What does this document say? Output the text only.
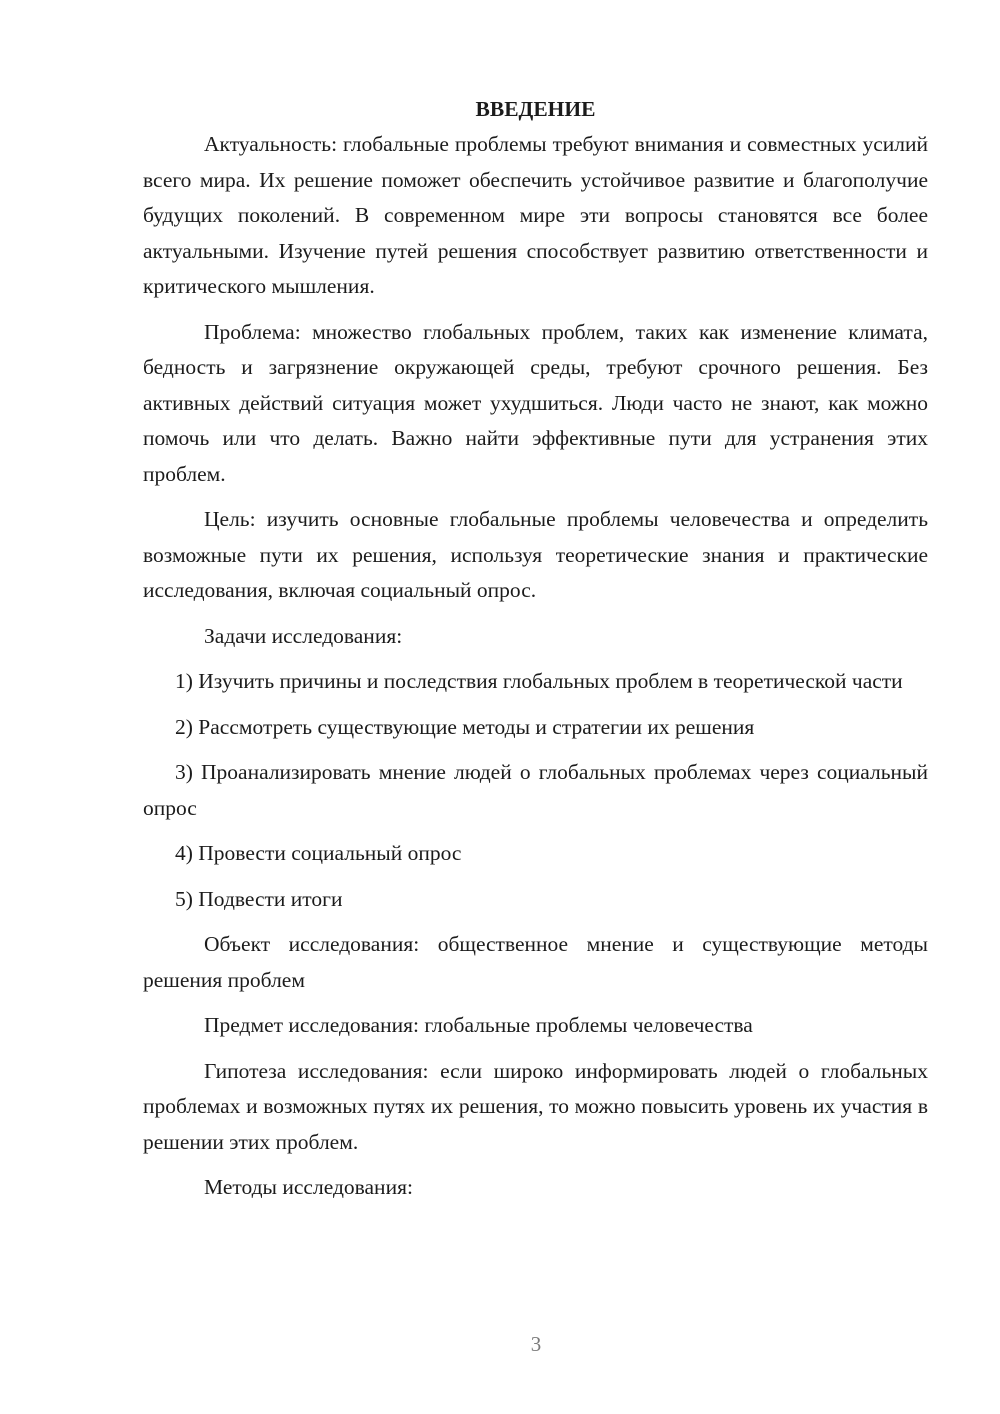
ВВЕДЕНИЕ

Актуальность: глобальные проблемы требуют внимания и совместных усилий всего мира. Их решение поможет обеспечить устойчивое развитие и благополучие будущих поколений. В современном мире эти вопросы становятся все более актуальными. Изучение путей решения способствует развитию ответственности и критического мышления.

Проблема: множество глобальных проблем, таких как изменение климата, бедность и загрязнение окружающей среды, требуют срочного решения. Без активных действий ситуация может ухудшиться. Люди часто не знают, как можно помочь или что делать. Важно найти эффективные пути для устранения этих проблем.

Цель: изучить основные глобальные проблемы человечества и определить возможные пути их решения, используя теоретические знания и практические исследования, включая социальный опрос.

Задачи исследования:

1) Изучить причины и последствия глобальных проблем в теоретической части

2) Рассмотреть существующие методы и стратегии их решения

3) Проанализировать мнение людей о глобальных проблемах через социальный опрос

4) Провести социальный опрос

5) Подвести итоги

Объект исследования: общественное мнение и существующие методы решения проблем

Предмет исследования: глобальные проблемы человечества

Гипотеза исследования: если широко информировать людей о глобальных проблемах и возможных путях их решения, то можно повысить уровень их участия в решении этих проблем.

Методы исследования:

3
